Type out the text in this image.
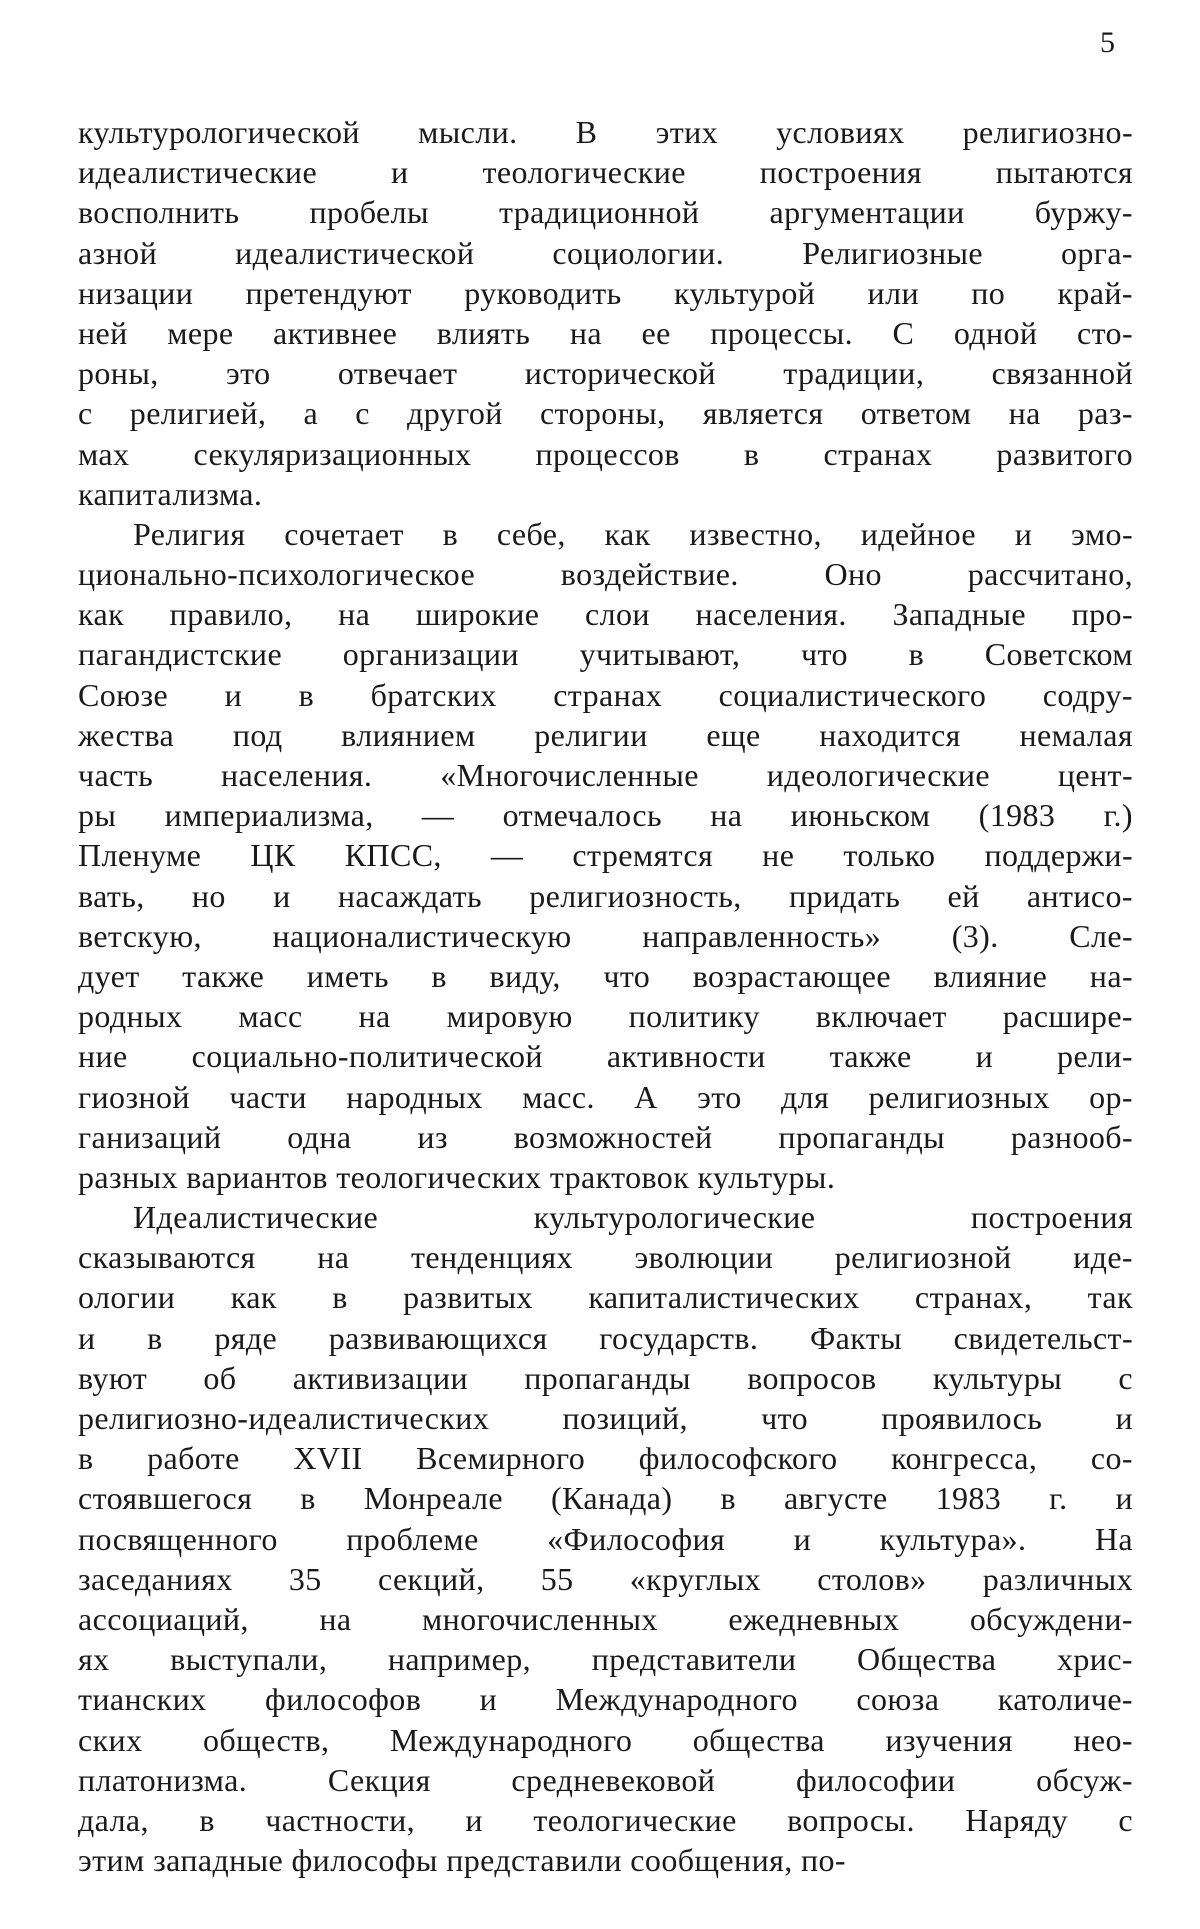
5
культурологической мысли. В этих условиях религиозно-
идеалистические и теологические построения пытаются
восполнить пробелы традиционной аргументации буржу-
азной идеалистической социологии. Религиозные орга-
низации претендуют руководить культурой или по край-
ней мере активнее влиять на ее процессы. С одной сто-
роны, это отвечает исторической традиции, связанной
с религией, а с другой стороны, является ответом на раз-
мах секуляризационных процессов в странах развитого
капитализма.
Религия сочетает в себе, как известно, идейное и эмо-
ционально-психологическое воздействие. Оно рассчитано,
как правило, на широкие слои населения. Западные про-
пагандистские организации учитывают, что в Советском
Союзе и в братских странах социалистического содру-
жества под влиянием религии еще находится немалая
часть населения. «Многочисленные идеологические цент-
ры империализма, — отмечалось на июньском (1983 г.)
Пленуме ЦК КПСС, — стремятся не только поддержи-
вать, но и насаждать религиозность, придать ей антисо-
ветскую, националистическую направленность» (3). Сле-
дует также иметь в виду, что возрастающее влияние на-
родных масс на мировую политику включает расшире-
ние социально-политической активности также и рели-
гиозной части народных масс. А это для религиозных ор-
ганизаций одна из возможностей пропаганды разнооб-
разных вариантов теологических трактовок культуры.
Идеалистические культурологические построения
сказываются на тенденциях эволюции религиозной иде-
ологии как в развитых капиталистических странах, так
и в ряде развивающихся государств. Факты свидетельст-
вуют об активизации пропаганды вопросов культуры с
религиозно-идеалистических позиций, что проявилось и
в работе XVII Всемирного философского конгресса, со-
стоявшегося в Монреале (Канада) в августе 1983 г. и
посвященного проблеме «Философия и культура». На
заседаниях 35 секций, 55 «круглых столов» различных
ассоциаций, на многочисленных ежедневных обсуждени-
ях выступали, например, представители Общества хрис-
тианских философов и Международного союза католиче-
ских обществ, Международного общества изучения нео-
платонизма. Секция средневековой философии обсуж-
дала, в частности, и теологические вопросы. Наряду с
этим западные философы представили сообщения, по-
